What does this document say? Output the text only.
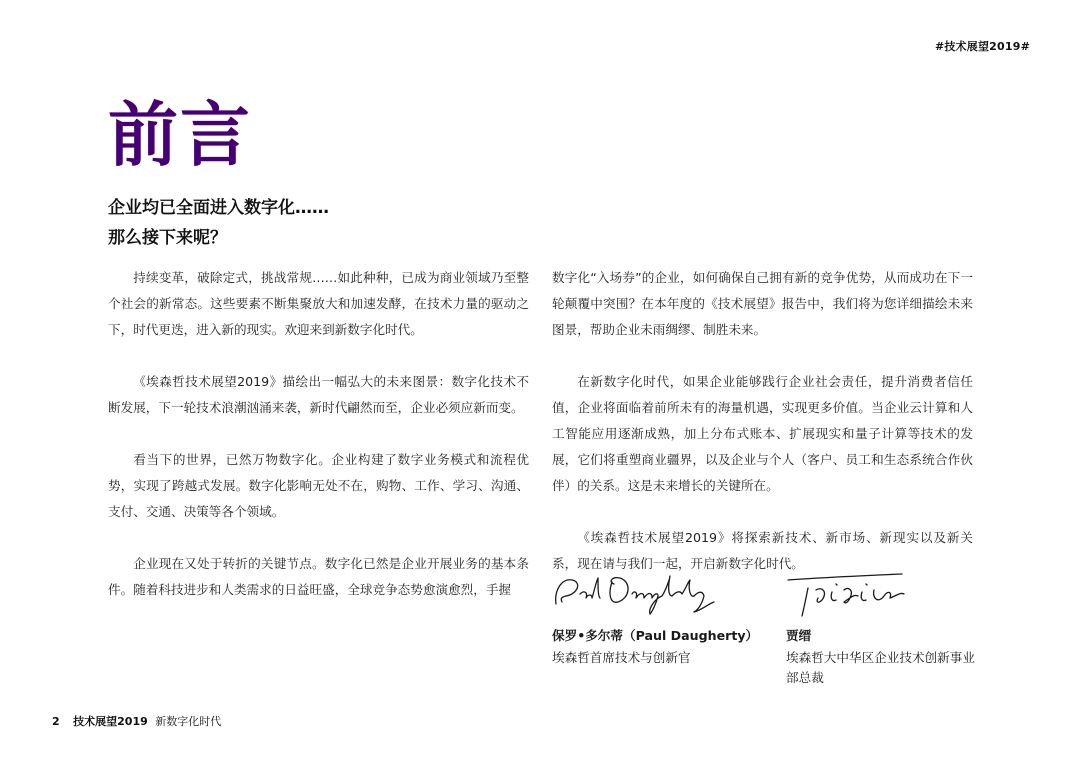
#技术展望2019#
前言
企业均已全面进入数字化……
那么接下来呢？

持续变革，破除定式，挑战常规……如此种种，已成为商业领域乃至整个社会的新常态。这些要素不断集聚放大和加速发酵，在技术力量的驱动之下，时代更迭，进入新的现实。欢迎来到新数字化时代。

《埃森哲技术展望2019》描绘出一幅弘大的未来图景：数字化技术不断发展，下一轮技术浪潮汹涌来袭，新时代翩然而至，企业必须应新而变。

看当下的世界，已然万物数字化。企业构建了数字业务模式和流程优势，实现了跨越式发展。数字化影响无处不在，购物、工作、学习、沟通、支付、交通、决策等各个领域。

企业现在又处于转折的关键节点。数字化已然是企业开展业务的基本条件。随着科技进步和人类需求的日益旺盛，全球竞争态势愈演愈烈，手握

数字化“入场券”的企业，如何确保自己拥有新的竞争优势，从而成功在下一轮颠覆中突围？在本年度的《技术展望》报告中，我们将为您详细描绘未来图景，帮助企业未雨绸缪、制胜未来。

在新数字化时代，如果企业能够践行企业社会责任，提升消费者信任值，企业将面临着前所未有的海量机遇，实现更多价值。当企业云计算和人工智能应用逐渐成熟，加上分布式账本、扩展现实和量子计算等技术的发展，它们将重塑商业疆界，以及企业与个人（客户、员工和生态系统合作伙伴）的关系。这是未来增长的关键所在。

《埃森哲技术展望2019》将探索新技术、新市场、新现实以及新关系，现在请与我们一起，开启新数字化时代。

保罗•多尔蒂（Paul Daugherty）
埃森哲首席技术与创新官
贾缙
埃森哲大中华区企业技术创新事业部总裁
2 技术展望2019 新数字化时代
